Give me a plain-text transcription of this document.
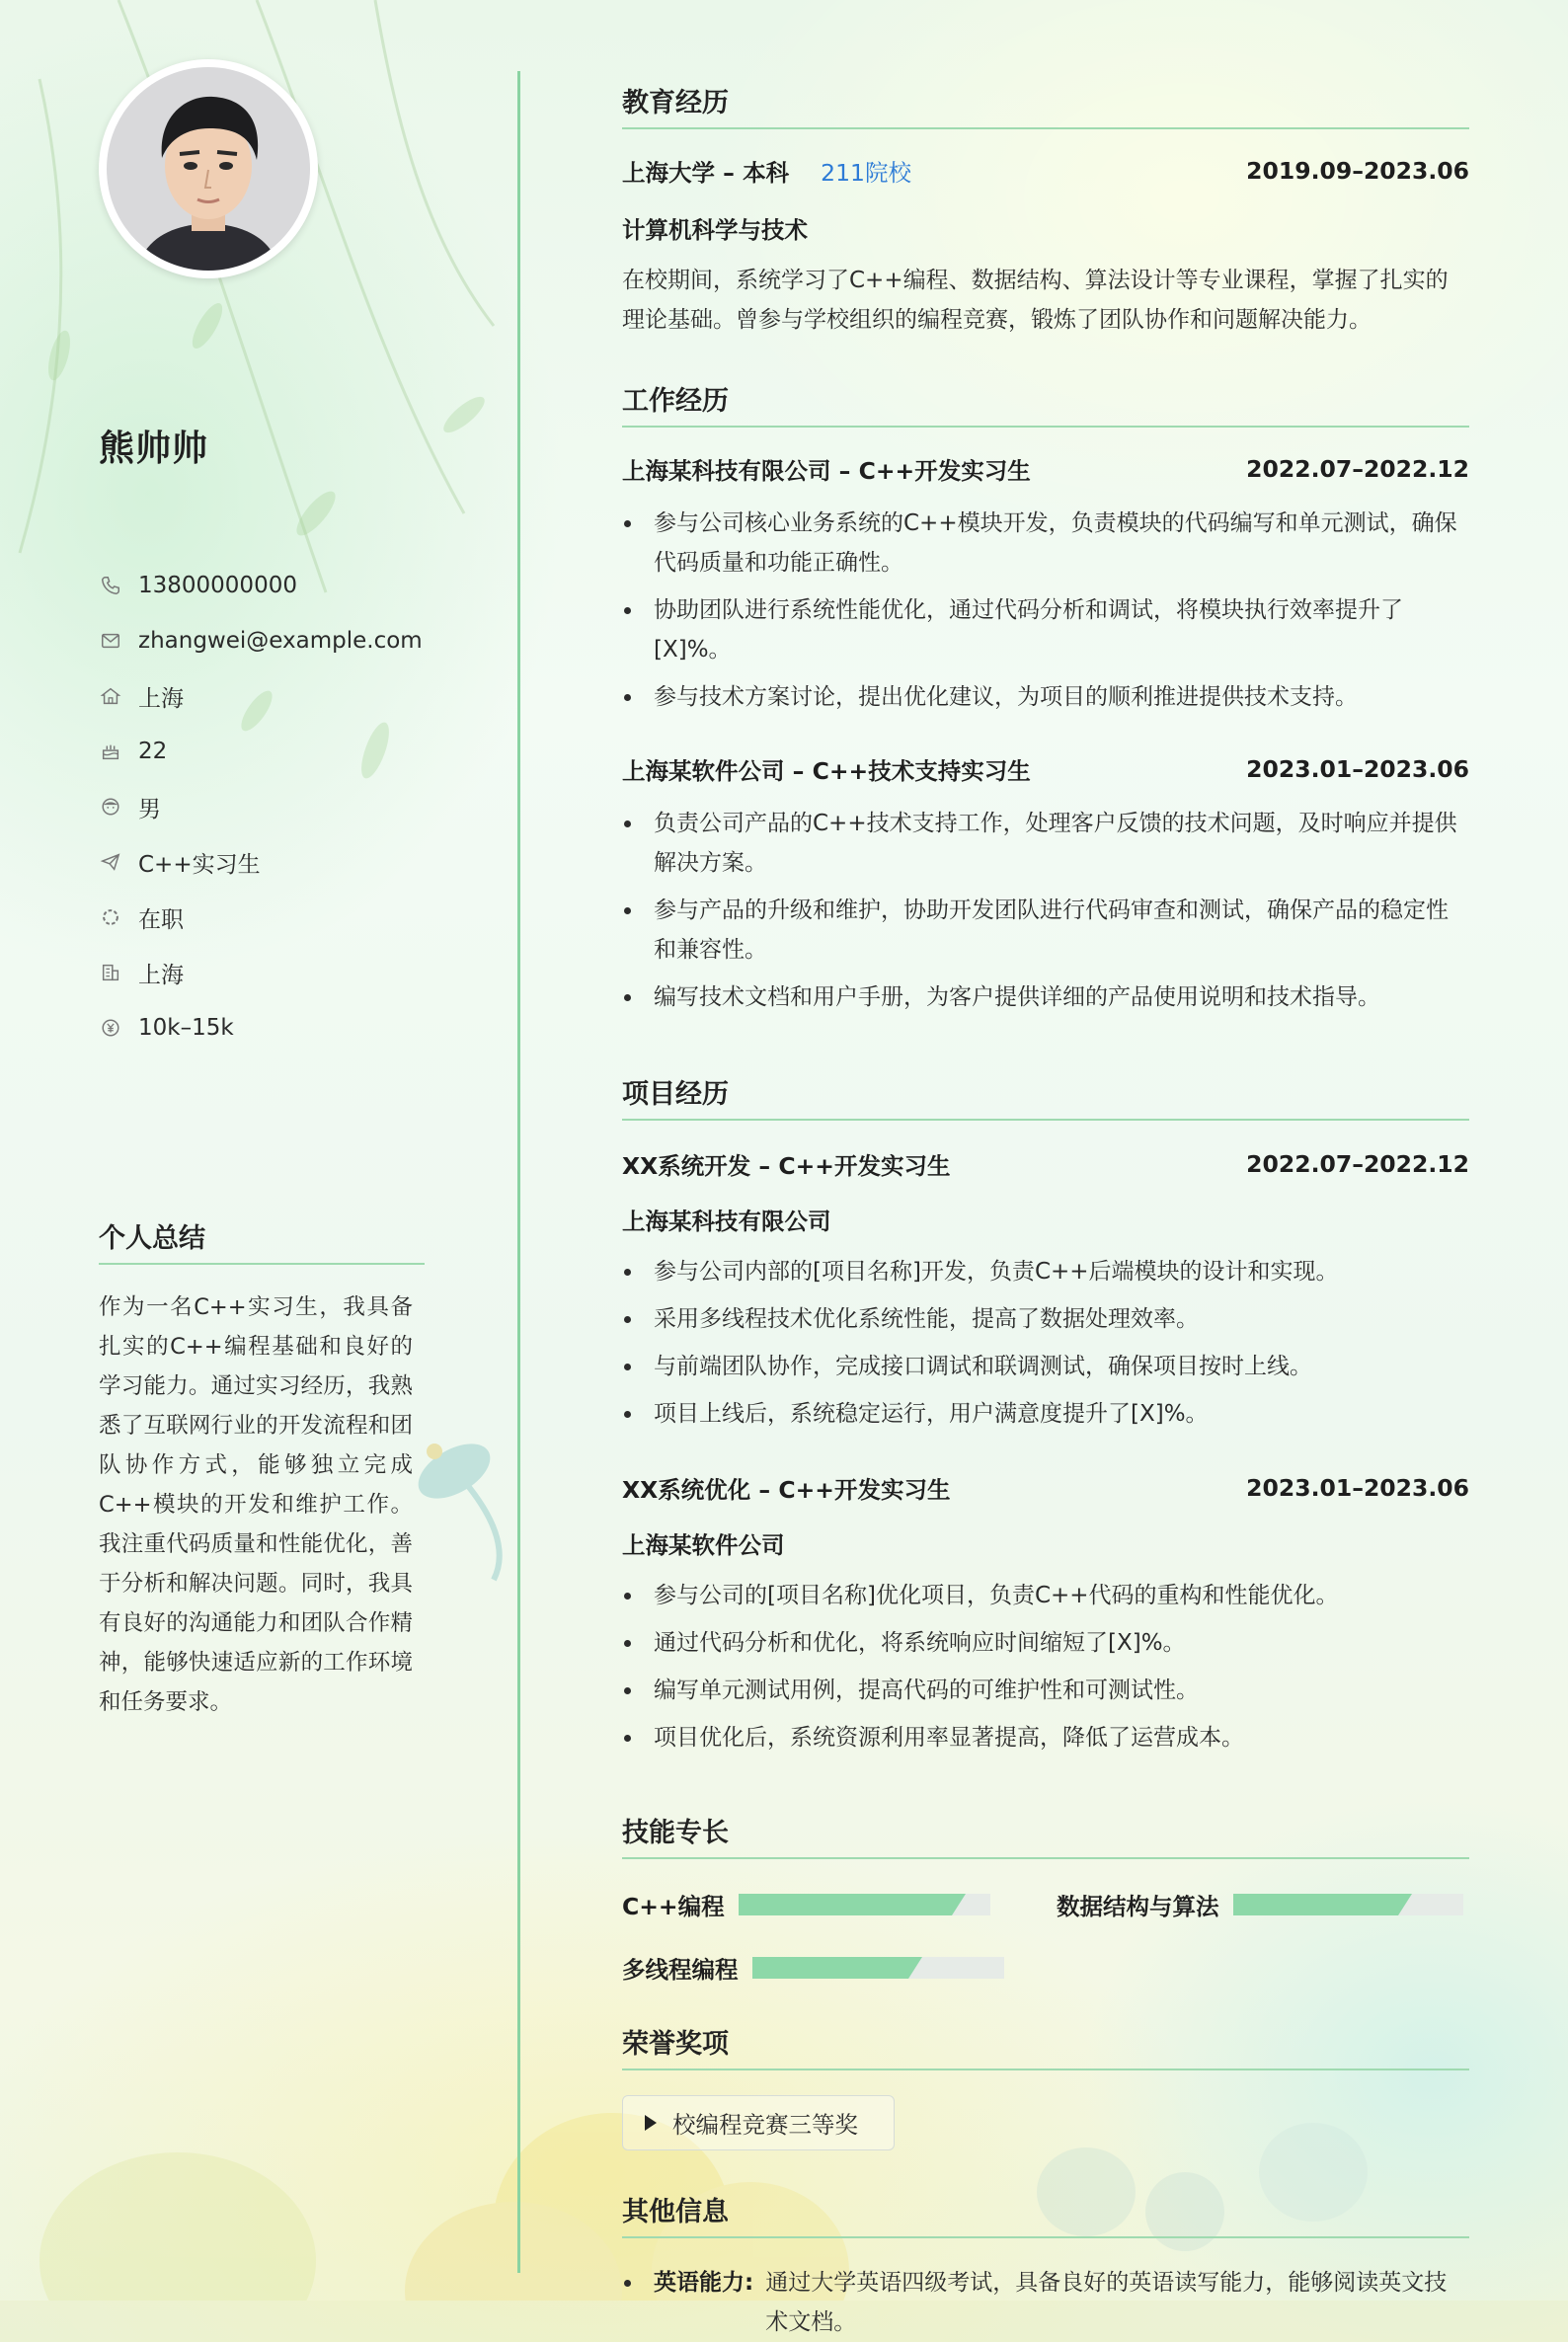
熊帅帅
13800000000
zhangwei@example.com
上海
22
男
C++实习生
在职
上海
10k–15k
个人总结
作为一名C++实习生，我具备扎实的C++编程基础和良好的学习能力。通过实习经历，我熟悉了互联网行业的开发流程和团队协作方式，能够独立完成C++模块的开发和维护工作。我注重代码质量和性能优化，善于分析和解决问题。同时，我具有良好的沟通能力和团队合作精神，能够快速适应新的工作环境和任务要求。
教育经历
上海大学 – 本科 211院校	2019.09–2023.06
计算机科学与技术
在校期间，系统学习了C++编程、数据结构、算法设计等专业课程，掌握了扎实的理论基础。曾参与学校组织的编程竞赛，锻炼了团队协作和问题解决能力。
工作经历
上海某科技有限公司 – C++开发实习生	2022.07–2022.12
参与公司核心业务系统的C++模块开发，负责模块的代码编写和单元测试，确保代码质量和功能正确性。
协助团队进行系统性能优化，通过代码分析和调试，将模块执行效率提升了[X]%。
参与技术方案讨论，提出优化建议，为项目的顺利推进提供技术支持。
上海某软件公司 – C++技术支持实习生	2023.01–2023.06
负责公司产品的C++技术支持工作，处理客户反馈的技术问题，及时响应并提供解决方案。
参与产品的升级和维护，协助开发团队进行代码审查和测试，确保产品的稳定性和兼容性。
编写技术文档和用户手册，为客户提供详细的产品使用说明和技术指导。
项目经历
XX系统开发 – C++开发实习生	2022.07–2022.12
上海某科技有限公司
参与公司内部的[项目名称]开发，负责C++后端模块的设计和实现。
采用多线程技术优化系统性能，提高了数据处理效率。
与前端团队协作，完成接口调试和联调测试，确保项目按时上线。
项目上线后，系统稳定运行，用户满意度提升了[X]%。
XX系统优化 – C++开发实习生	2023.01–2023.06
上海某软件公司
参与公司的[项目名称]优化项目，负责C++代码的重构和性能优化。
通过代码分析和优化，将系统响应时间缩短了[X]%。
编写单元测试用例，提高代码的可维护性和可测试性。
项目优化后，系统资源利用率显著提高，降低了运营成本。
技能专长
C++编程	数据结构与算法
多线程编程
荣誉奖项
校编程竞赛三等奖
其他信息
英语能力: 通过大学英语四级考试，具备良好的英语读写能力，能够阅读英文技术文档。
